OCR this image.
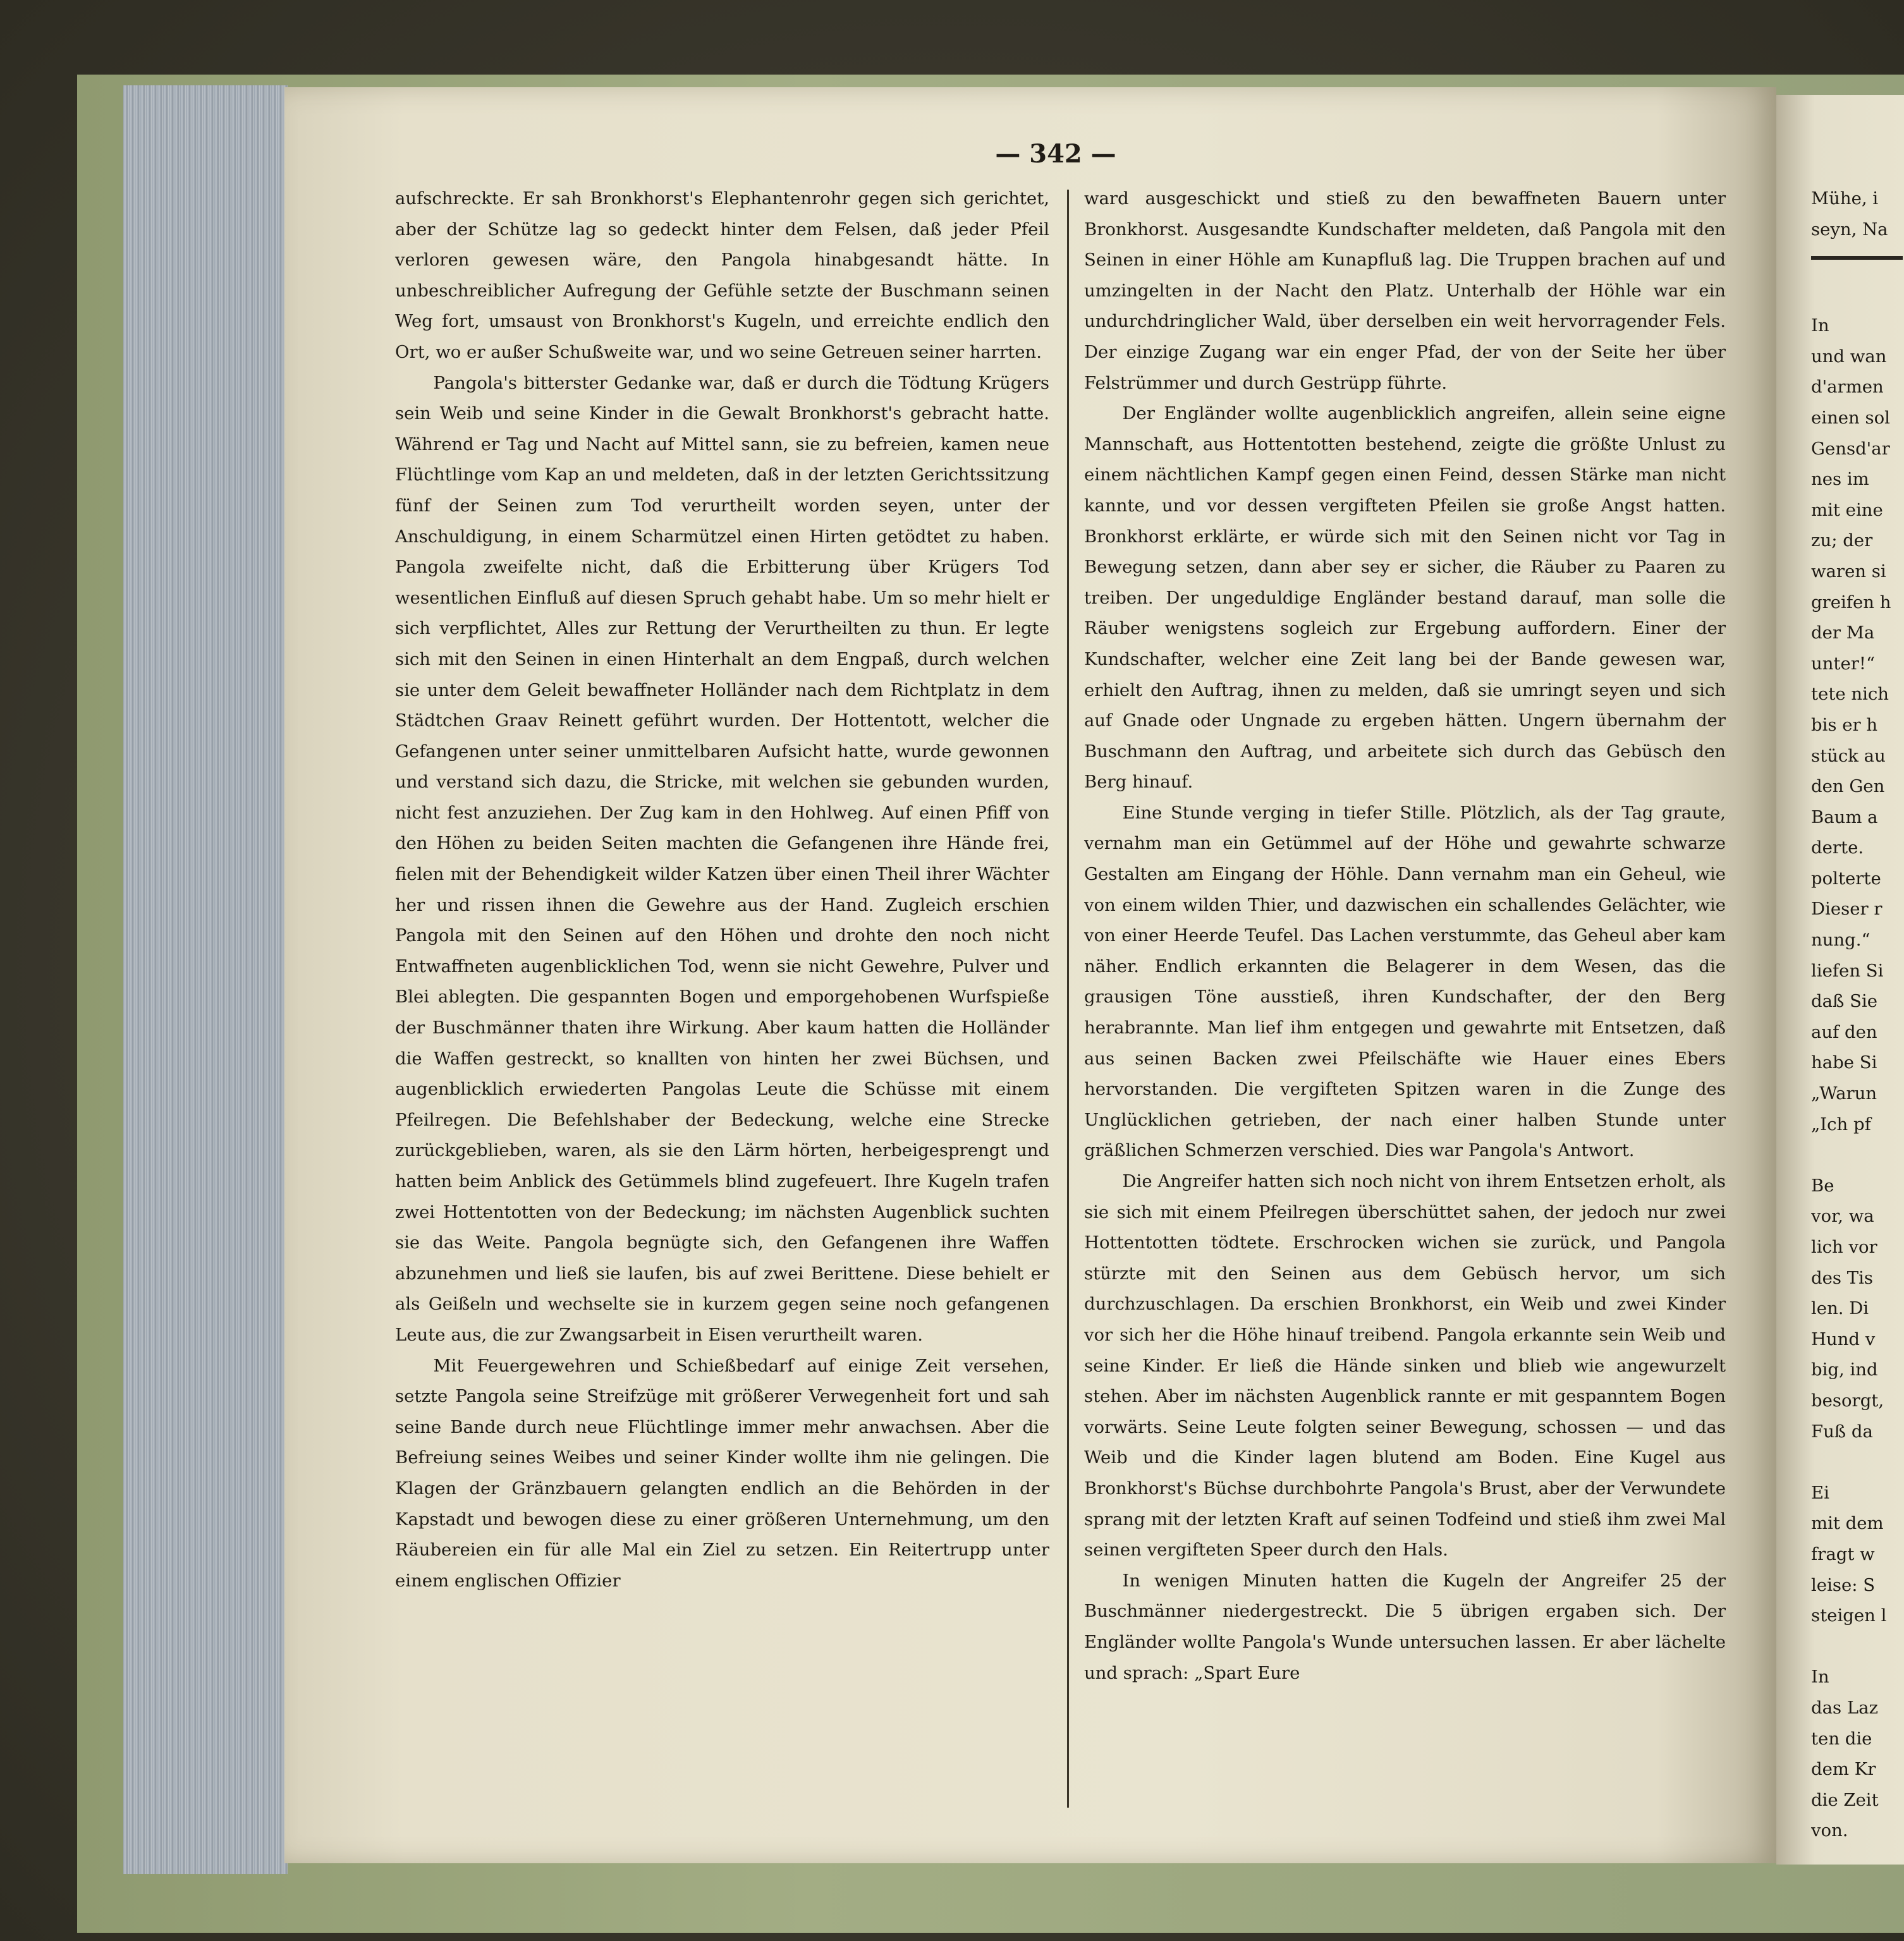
— 342 —

aufschreckte. Er sah Bronkhorst's Elephantenrohr gegen sich gerichtet, aber der Schütze lag so gedeckt hinter dem Felsen, daß jeder Pfeil verloren gewesen wäre, den Pangola hinabgesandt hätte. In unbeschreiblicher Aufregung der Gefühle setzte der Buschmann seinen Weg fort, umsaust von Bronkhorst's Kugeln, und erreichte endlich den Ort, wo er außer Schußweite war, und wo seine Getreuen seiner harrten.

Pangola's bitterster Gedanke war, daß er durch die Tödtung Krügers sein Weib und seine Kinder in die Gewalt Bronkhorst's gebracht hatte. Während er Tag und Nacht auf Mittel sann, sie zu befreien, kamen neue Flüchtlinge vom Kap an und meldeten, daß in der letzten Gerichtssitzung fünf der Seinen zum Tod verurtheilt worden seyen, unter der Anschuldigung, in einem Scharmützel einen Hirten getödtet zu haben. Pangola zweifelte nicht, daß die Erbitterung über Krügers Tod wesentlichen Einfluß auf diesen Spruch gehabt habe. Um so mehr hielt er sich verpflichtet, Alles zur Rettung der Verurtheilten zu thun. Er legte sich mit den Seinen in einen Hinterhalt an dem Engpaß, durch welchen sie unter dem Geleit bewaffneter Holländer nach dem Richtplatz in dem Städtchen Graav Reinett geführt wurden. Der Hottentott, welcher die Gefangenen unter seiner unmittelbaren Aufsicht hatte, wurde gewonnen und verstand sich dazu, die Stricke, mit welchen sie gebunden wurden, nicht fest anzuziehen. Der Zug kam in den Hohlweg. Auf einen Pfiff von den Höhen zu beiden Seiten machten die Gefangenen ihre Hände frei, fielen mit der Behendigkeit wilder Katzen über einen Theil ihrer Wächter her und rissen ihnen die Gewehre aus der Hand. Zugleich erschien Pangola mit den Seinen auf den Höhen und drohte den noch nicht Entwaffneten augenblicklichen Tod, wenn sie nicht Gewehre, Pulver und Blei ablegten. Die gespannten Bogen und emporgehobenen Wurfspieße der Buschmänner thaten ihre Wirkung. Aber kaum hatten die Holländer die Waffen gestreckt, so knallten von hinten her zwei Büchsen, und augenblicklich erwiederten Pangolas Leute die Schüsse mit einem Pfeilregen. Die Befehlshaber der Bedeckung, welche eine Strecke zurückgeblieben, waren, als sie den Lärm hörten, herbeigesprengt und hatten beim Anblick des Getümmels blind zugefeuert. Ihre Kugeln trafen zwei Hottentotten von der Bedeckung; im nächsten Augenblick suchten sie das Weite. Pangola begnügte sich, den Gefangenen ihre Waffen abzunehmen und ließ sie laufen, bis auf zwei Berittene. Diese behielt er als Geißeln und wechselte sie in kurzem gegen seine noch gefangenen Leute aus, die zur Zwangsarbeit in Eisen verurtheilt waren.

Mit Feuergewehren und Schießbedarf auf einige Zeit versehen, setzte Pangola seine Streifzüge mit größerer Verwegenheit fort und sah seine Bande durch neue Flüchtlinge immer mehr anwachsen. Aber die Befreiung seines Weibes und seiner Kinder wollte ihm nie gelingen. Die Klagen der Gränzbauern gelangten endlich an die Behörden in der Kapstadt und bewogen diese zu einer größeren Unternehmung, um den Räubereien ein für alle Mal ein Ziel zu setzen. Ein Reitertrupp unter einem englischen Offizier

ward ausgeschickt und stieß zu den bewaffneten Bauern unter Bronkhorst. Ausgesandte Kundschafter meldeten, daß Pangola mit den Seinen in einer Höhle am Kunapfluß lag. Die Truppen brachen auf und umzingelten in der Nacht den Platz. Unterhalb der Höhle war ein undurchdringlicher Wald, über derselben ein weit hervorragender Fels. Der einzige Zugang war ein enger Pfad, der von der Seite her über Felstrümmer und durch Gestrüpp führte.

Der Engländer wollte augenblicklich angreifen, allein seine eigne Mannschaft, aus Hottentotten bestehend, zeigte die größte Unlust zu einem nächtlichen Kampf gegen einen Feind, dessen Stärke man nicht kannte, und vor dessen vergifteten Pfeilen sie große Angst hatten. Bronkhorst erklärte, er würde sich mit den Seinen nicht vor Tag in Bewegung setzen, dann aber sey er sicher, die Räuber zu Paaren zu treiben. Der ungeduldige Engländer bestand darauf, man solle die Räuber wenigstens sogleich zur Ergebung auffordern. Einer der Kundschafter, welcher eine Zeit lang bei der Bande gewesen war, erhielt den Auftrag, ihnen zu melden, daß sie umringt seyen und sich auf Gnade oder Ungnade zu ergeben hätten. Ungern übernahm der Buschmann den Auftrag, und arbeitete sich durch das Gebüsch den Berg hinauf.

Eine Stunde verging in tiefer Stille. Plötzlich, als der Tag graute, vernahm man ein Getümmel auf der Höhe und gewahrte schwarze Gestalten am Eingang der Höhle. Dann vernahm man ein Geheul, wie von einem wilden Thier, und dazwischen ein schallendes Gelächter, wie von einer Heerde Teufel. Das Lachen verstummte, das Geheul aber kam näher. Endlich erkannten die Belagerer in dem Wesen, das die grausigen Töne ausstieß, ihren Kundschafter, der den Berg herabrannte. Man lief ihm entgegen und gewahrte mit Entsetzen, daß aus seinen Backen zwei Pfeilschäfte wie Hauer eines Ebers hervorstanden. Die vergifteten Spitzen waren in die Zunge des Unglücklichen getrieben, der nach einer halben Stunde unter gräßlichen Schmerzen verschied. Dies war Pangola's Antwort.

Die Angreifer hatten sich noch nicht von ihrem Entsetzen erholt, als sie sich mit einem Pfeilregen überschüttet sahen, der jedoch nur zwei Hottentotten tödtete. Erschrocken wichen sie zurück, und Pangola stürzte mit den Seinen aus dem Gebüsch hervor, um sich durchzuschlagen. Da erschien Bronkhorst, ein Weib und zwei Kinder vor sich her die Höhe hinauf treibend. Pangola erkannte sein Weib und seine Kinder. Er ließ die Hände sinken und blieb wie angewurzelt stehen. Aber im nächsten Augenblick rannte er mit gespanntem Bogen vorwärts. Seine Leute folgten seiner Bewegung, schossen — und das Weib und die Kinder lagen blutend am Boden. Eine Kugel aus Bronkhorst's Büchse durchbohrte Pangola's Brust, aber der Verwundete sprang mit der letzten Kraft auf seinen Todfeind und stieß ihm zwei Mal seinen vergifteten Speer durch den Hals.

In wenigen Minuten hatten die Kugeln der Angreifer 25 der Buschmänner niedergestreckt. Die 5 übrigen ergaben sich. Der Engländer wollte Pangola's Wunde untersuchen lassen. Er aber lächelte und sprach: „Spart Eure

Mühe, i
seyn, Na
In
und wan
d'armen
einen sol
Gensd'ar
nes im
mit eine
zu; der
waren si
greifen h
der Ma
unter!“
tete nich
bis er h
stück au
den Gen
Baum a
derte.
polterte
Dieser r
nung.“
liefen Si
daß Sie
auf den
habe Si
„Warun
„Ich pf
Be
vor, wa
lich vor
des Tis
len. Di
Hund v
big, ind
besorgt,
Fuß da
Ei
mit dem
fragt w
leise: S
steigen l
In
das Laz
ten die
dem Kr
die Zeit
von.
